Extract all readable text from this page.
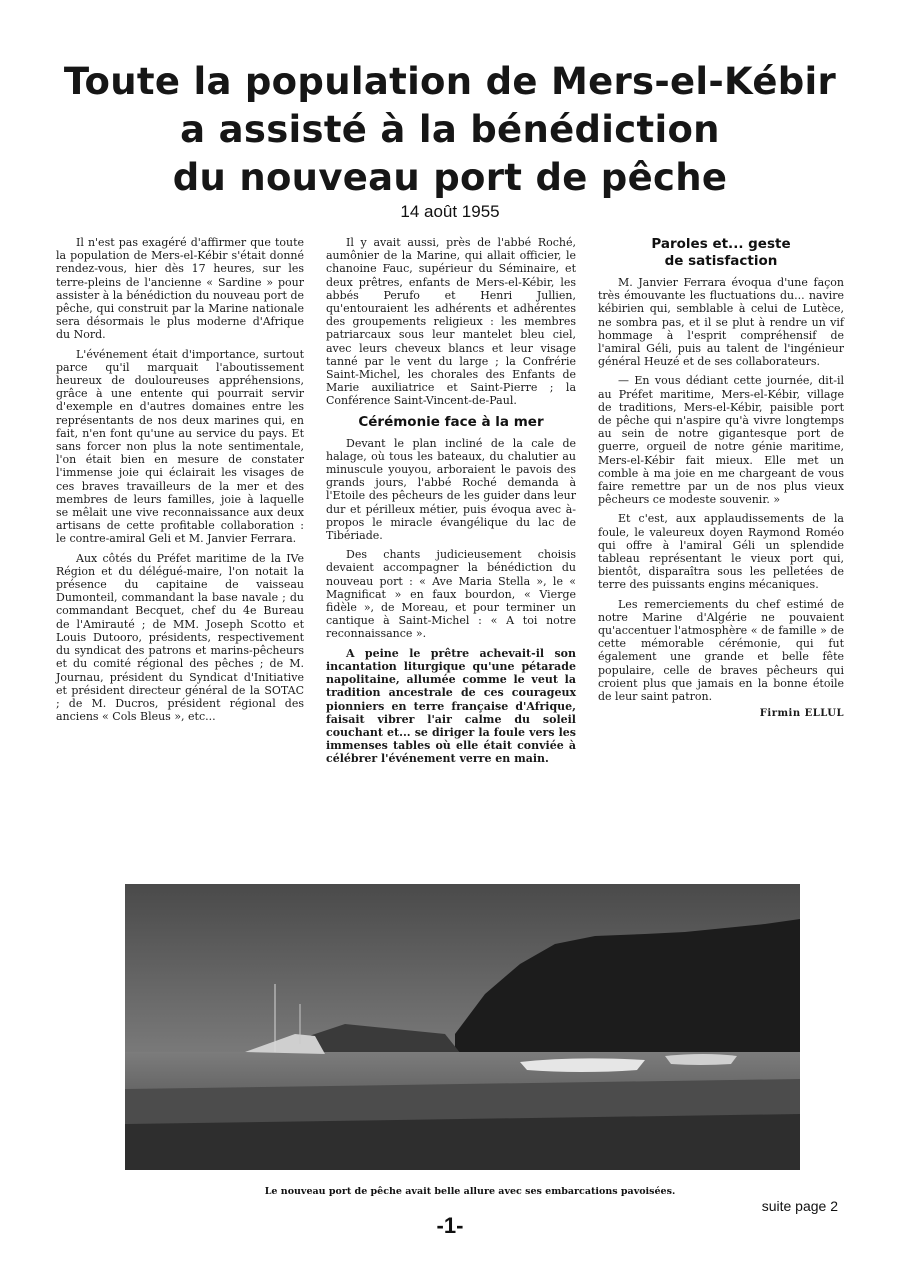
Toute la population de Mers-el-Kébir
a assisté à la bénédiction
du nouveau port de pêche
14 août 1955

Il n'est pas exagéré d'affirmer que toute la population de Mers-el-Kébir s'était donné rendez-vous, hier dès 17 heures, sur les terre-pleins de l'ancienne « Sardine » pour assister à la bénédiction du nouveau port de pêche, qui construit par la Marine nationale sera désormais le plus moderne d'Afrique du Nord.

L'événement était d'importance, surtout parce qu'il marquait l'aboutissement heureux de douloureuses appréhensions, grâce à une entente qui pourrait servir d'exemple en d'autres domaines entre les représentants de nos deux marines qui, en fait, n'en font qu'une au service du pays. Et sans forcer non plus la note sentimentale, l'on était bien en mesure de constater l'immense joie qui éclairait les visages de ces braves travailleurs de la mer et des membres de leurs familles, joie à laquelle se mêlait une vive reconnaissance aux deux artisans de cette profitable collaboration : le contre-amiral Geli et M. Janvier Ferrara.

Aux côtés du Préfet maritime de la IVe Région et du délégué-maire, l'on notait la présence du capitaine de vaisseau Dumonteil, commandant la base navale ; du commandant Becquet, chef du 4e Bureau de l'Amirauté ; de MM. Joseph Scotto et Louis Dutooro, présidents, respectivement du syndicat des patrons et marins-pêcheurs et du comité régional des pêches ; de M. Journau, président du Syndicat d'Initiative et président directeur général de la SOTAC ; de M. Ducros, président régional des anciens « Cols Bleus », etc...

Il y avait aussi, près de l'abbé Roché, aumônier de la Marine, qui allait officier, le chanoine Fauc, supérieur du Séminaire, et deux prêtres, enfants de Mers-el-Kébir, les abbés Perufo et Henri Jullien, qu'entouraient les adhérents et adhérentes des groupements religieux : les membres patriarcaux sous leur mantelet bleu ciel, avec leurs cheveux blancs et leur visage tanné par le vent du large ; la Confrérie Saint-Michel, les chorales des Enfants de Marie auxiliatrice et Saint-Pierre ; la Conférence Saint-Vincent-de-Paul.

Cérémonie face à la mer

Devant le plan incliné de la cale de halage, où tous les bateaux, du chalutier au minuscule youyou, arboraient le pavois des grands jours, l'abbé Roché demanda à l'Etoile des pêcheurs de les guider dans leur dur et périlleux métier, puis évoqua avec à-propos le miracle évangélique du lac de Tibériade.

Des chants judicieusement choisis devaient accompagner la bénédiction du nouveau port : « Ave Maria Stella », le « Magnificat » en faux bourdon, « Vierge fidèle », de Moreau, et pour terminer un cantique à Saint-Michel : « A toi notre reconnaissance ».

A peine le prêtre achevait-il son incantation liturgique qu'une pétarade napolitaine, allumée comme le veut la tradition ancestrale de ces courageux pionniers en terre française d'Afrique, faisait vibrer l'air calme du soleil couchant et... se diriger la foule vers les immenses tables où elle était conviée à célébrer l'événement verre en main.

Paroles et... geste
de satisfaction

M. Janvier Ferrara évoqua d'une façon très émouvante les fluctuations du... navire kébirien qui, semblable à celui de Lutèce, ne sombra pas, et il se plut à rendre un vif hommage à l'esprit compréhensif de l'amiral Géli, puis au talent de l'ingénieur général Heuzé et de ses collaborateurs.

— En vous dédiant cette journée, dit-il au Préfet maritime, Mers-el-Kébir, village de traditions, Mers-el-Kébir, paisible port de pêche qui n'aspire qu'à vivre longtemps au sein de notre gigantesque port de guerre, orgueil de notre génie maritime, Mers-el-Kébir fait mieux. Elle met un comble à ma joie en me chargeant de vous faire remettre par un de nos plus vieux pêcheurs ce modeste souvenir. »

Et c'est, aux applaudissements de la foule, le valeureux doyen Raymond Roméo qui offre à l'amiral Géli un splendide tableau représentant le vieux port qui, bientôt, disparaîtra sous les pelletées de terre des puissants engins mécaniques.

Les remerciements du chef estimé de notre Marine d'Algérie ne pouvaient qu'accentuer l'atmosphère « de famille » de cette mémorable cérémonie, qui fut également une grande et belle fête populaire, celle de braves pêcheurs qui croient plus que jamais en la bonne étoile de leur saint patron.

Firmin ELLUL
Le nouveau port de pêche avait belle allure avec ses embarcations pavoisées.
suite page 2
-1-
